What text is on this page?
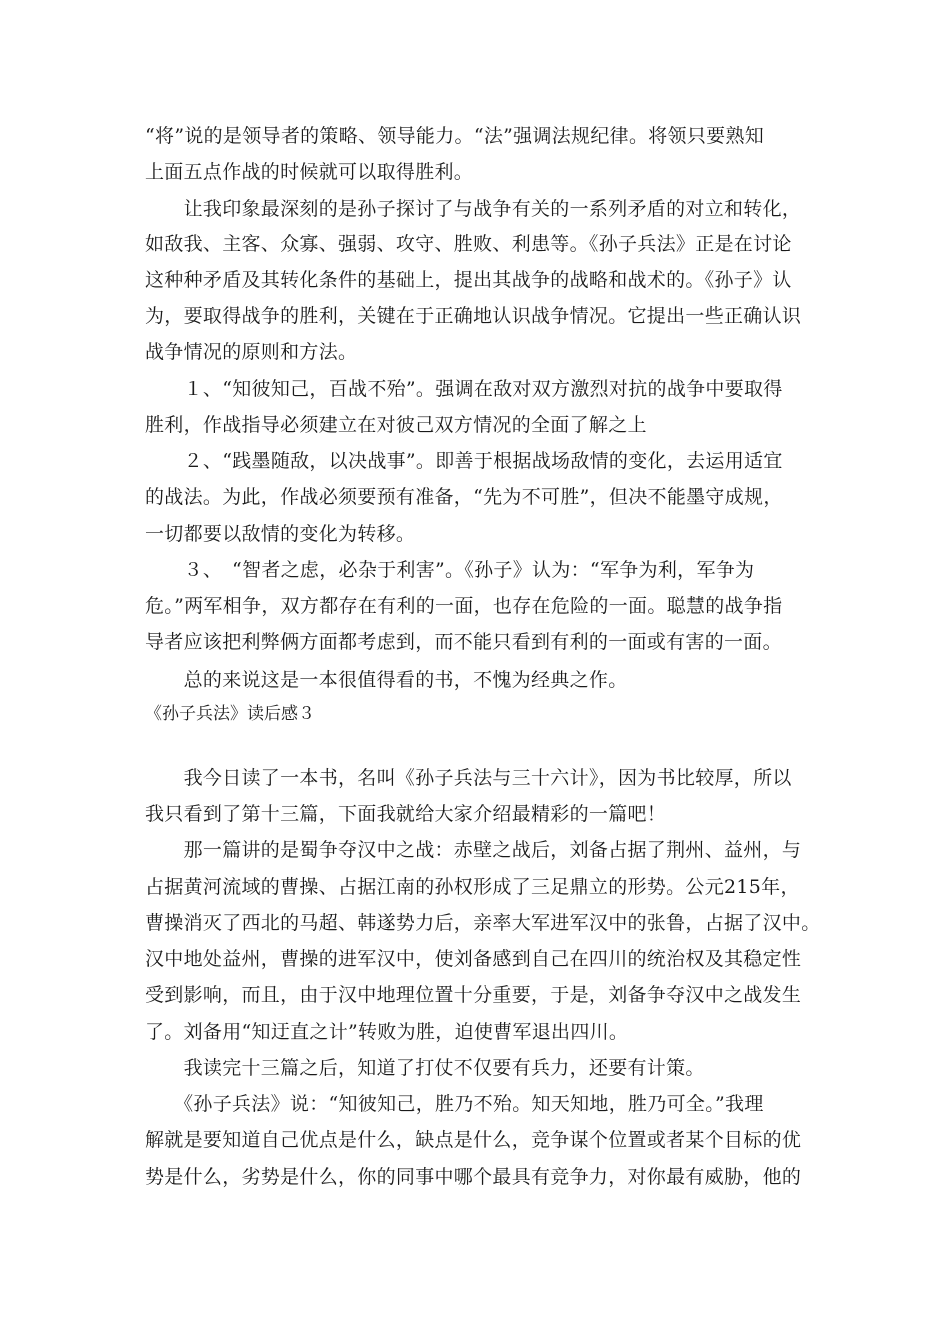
“将”说的是领导者的策略、领导能力。“法”强调法规纪律。将领只要熟知
上面五点作战的时候就可以取得胜利。
　　让我印象最深刻的是孙子探讨了与战争有关的一系列矛盾的对立和转化，
如敌我、主客、众寡、强弱、攻守、胜败、利患等。《孙子兵法》正是在讨论
这种种矛盾及其转化条件的基础上，提出其战争的战略和战术的。《孙子》认
为，要取得战争的胜利，关键在于正确地认识战争情况。它提出一些正确认识
战争情况的原则和方法。
　　１、“知彼知己，百战不殆”。强调在敌对双方激烈对抗的战争中要取得
胜利，作战指导必须建立在对彼己双方情况的全面了解之上
　　２、“践墨随敌，以决战事”。即善于根据战场敌情的变化，去运用适宜
的战法。为此，作战必须要预有准备，“先为不可胜”，但决不能墨守成规，
一切都要以敌情的变化为转移。
　　３、　“智者之虑，必杂于利害”。《孙子》认为：“军争为利，军争为
危。”两军相争，双方都存在有利的一面，也存在危险的一面。聪慧的战争指
导者应该把利弊俩方面都考虑到，而不能只看到有利的一面或有害的一面。
　　总的来说这是一本很值得看的书，不愧为经典之作。
《孙子兵法》读后感３
　　我今日读了一本书，名叫《孙子兵法与三十六计》，因为书比较厚，所以
我只看到了第十三篇，下面我就给大家介绍最精彩的一篇吧！
　　那一篇讲的是蜀争夺汉中之战：赤壁之战后，刘备占据了荆州、益州，与
占据黄河流域的曹操、占据江南的孙权形成了三足鼎立的形势。公元215年，
曹操消灭了西北的马超、韩遂势力后，亲率大军进军汉中的张鲁，占据了汉中。
汉中地处益州，曹操的进军汉中，使刘备感到自己在四川的统治权及其稳定性
受到影响，而且，由于汉中地理位置十分重要，于是，刘备争夺汉中之战发生
了。刘备用“知迂直之计”转败为胜，迫使曹军退出四川。
　　我读完十三篇之后，知道了打仗不仅要有兵力，还要有计策。
　　《孙子兵法》说：“知彼知己，胜乃不殆。知天知地，胜乃可全。”我理
解就是要知道自己优点是什么，缺点是什么，竞争谋个位置或者某个目标的优
势是什么，劣势是什么，你的同事中哪个最具有竞争力，对你最有威胁，他的
